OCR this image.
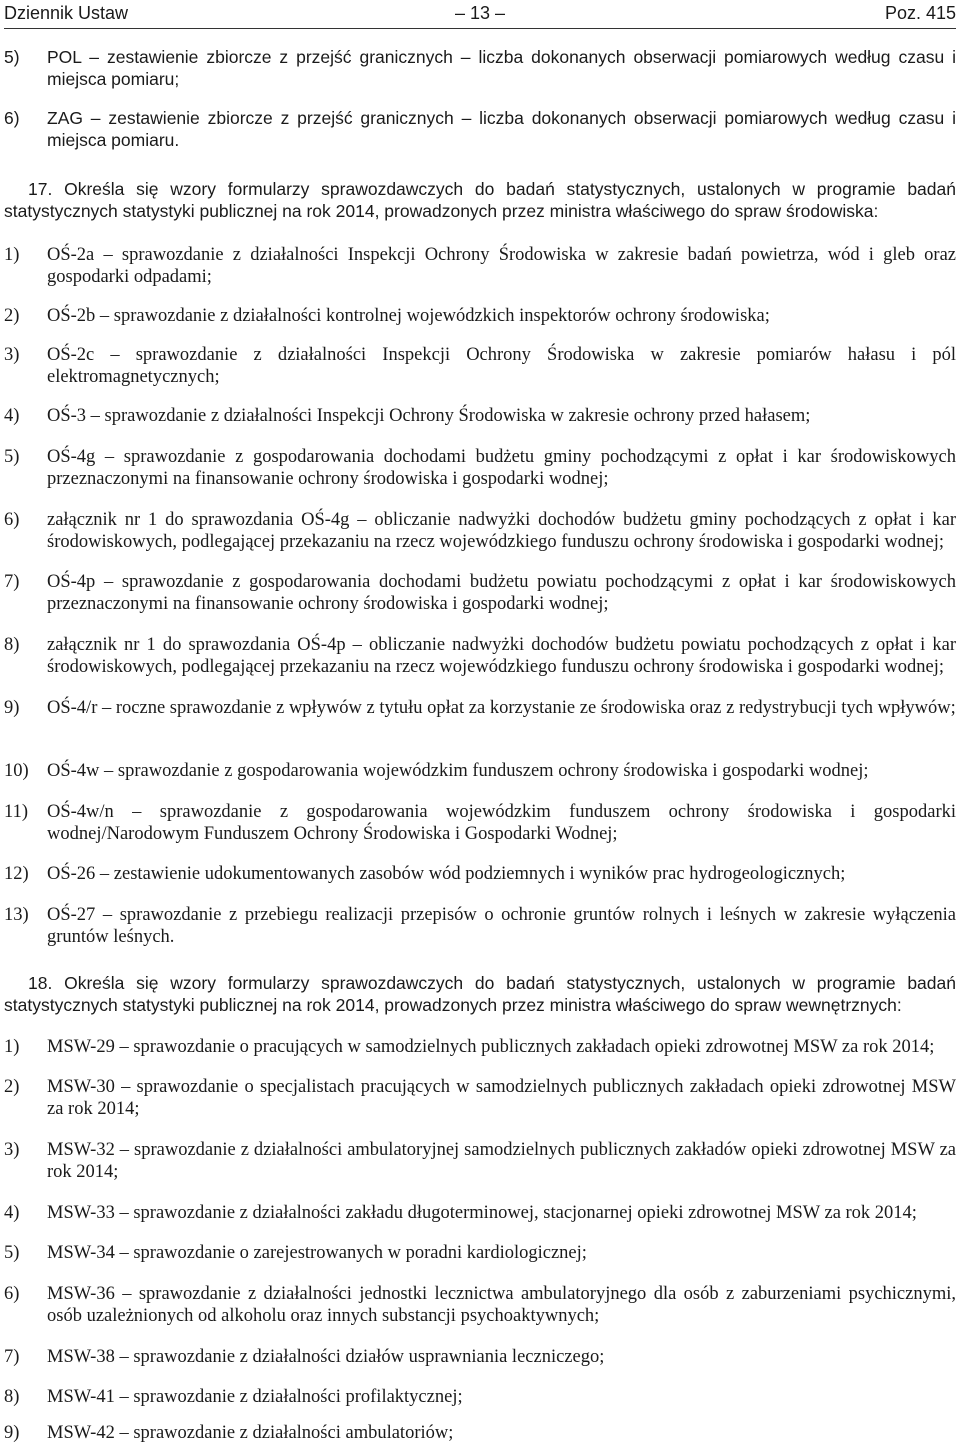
– 13 –
Dziennik Ustaw	Poz. 415
5) POL – zestawienie zbiorcze z przejść granicznych – liczba dokonanych obserwacji pomiarowych według czasu i miejsca pomiaru;
6) ZAG – zestawienie zbiorcze z przejść granicznych – liczba dokonanych obserwacji pomiarowych według czasu i miejsca pomiaru.
17. Określa się wzory formularzy sprawozdawczych do badań statystycznych, ustalonych w programie badań statystycznych statystyki publicznej na rok 2014, prowadzonych przez ministra właściwego do spraw środowiska:
1) OŚ-2a – sprawozdanie z działalności Inspekcji Ochrony Środowiska w zakresie badań powietrza, wód i gleb oraz gospodarki odpadami;
2) OŚ-2b – sprawozdanie z działalności kontrolnej wojewódzkich inspektorów ochrony środowiska;
3) OŚ-2c – sprawozdanie z działalności Inspekcji Ochrony Środowiska w zakresie pomiarów hałasu i pól elektromagnetycznych;
4) OŚ-3 – sprawozdanie z działalności Inspekcji Ochrony Środowiska w zakresie ochrony przed hałasem;
5) OŚ-4g – sprawozdanie z gospodarowania dochodami budżetu gminy pochodzącymi z opłat i kar środowiskowych przeznaczonymi na finansowanie ochrony środowiska i gospodarki wodnej;
6) załącznik nr 1 do sprawozdania OŚ-4g – obliczanie nadwyżki dochodów budżetu gminy pochodzących z opłat i kar środowiskowych, podlegającej przekazaniu na rzecz wojewódzkiego funduszu ochrony środowiska i gospodarki wodnej;
7) OŚ-4p – sprawozdanie z gospodarowania dochodami budżetu powiatu pochodzącymi z opłat i kar środowiskowych przeznaczonymi na finansowanie ochrony środowiska i gospodarki wodnej;
8) załącznik nr 1 do sprawozdania OŚ-4p – obliczanie nadwyżki dochodów budżetu powiatu pochodzących z opłat i kar środowiskowych, podlegającej przekazaniu na rzecz wojewódzkiego funduszu ochrony środowiska i gospodarki wodnej;
9) OŚ-4/r – roczne sprawozdanie z wpływów z tytułu opłat za korzystanie ze środowiska oraz z redystrybucji tych wpływów;
10) OŚ-4w – sprawozdanie z gospodarowania wojewódzkim funduszem ochrony środowiska i gospodarki wodnej;
11) OŚ-4w/n – sprawozdanie z gospodarowania wojewódzkim funduszem ochrony środowiska i gospodarki wodnej/Narodowym Funduszem Ochrony Środowiska i Gospodarki Wodnej;
12) OŚ-26 – zestawienie udokumentowanych zasobów wód podziemnych i wyników prac hydrogeologicznych;
13) OŚ-27 – sprawozdanie z przebiegu realizacji przepisów o ochronie gruntów rolnych i leśnych w zakresie wyłączenia gruntów leśnych.
18. Określa się wzory formularzy sprawozdawczych do badań statystycznych, ustalonych w programie badań statystycznych statystyki publicznej na rok 2014, prowadzonych przez ministra właściwego do spraw wewnętrznych:
1) MSW-29 – sprawozdanie o pracujących w samodzielnych publicznych zakładach opieki zdrowotnej MSW za rok 2014;
2) MSW-30 – sprawozdanie o specjalistach pracujących w samodzielnych publicznych zakładach opieki zdrowotnej MSW za rok 2014;
3) MSW-32 – sprawozdanie z działalności ambulatoryjnej samodzielnych publicznych zakładów opieki zdrowotnej MSW za rok 2014;
4) MSW-33 – sprawozdanie z działalności zakładu długoterminowej, stacjonarnej opieki zdrowotnej MSW za rok 2014;
5) MSW-34 – sprawozdanie o zarejestrowanych w poradni kardiologicznej;
6) MSW-36 – sprawozdanie z działalności jednostki lecznictwa ambulatoryjnego dla osób z zaburzeniami psychicznymi, osób uzależnionych od alkoholu oraz innych substancji psychoaktywnych;
7) MSW-38 – sprawozdanie z działalności działów usprawniania leczniczego;
8) MSW-41 – sprawozdanie z działalności profilaktycznej;
9) MSW-42 – sprawozdanie z działalności ambulatoriów;
